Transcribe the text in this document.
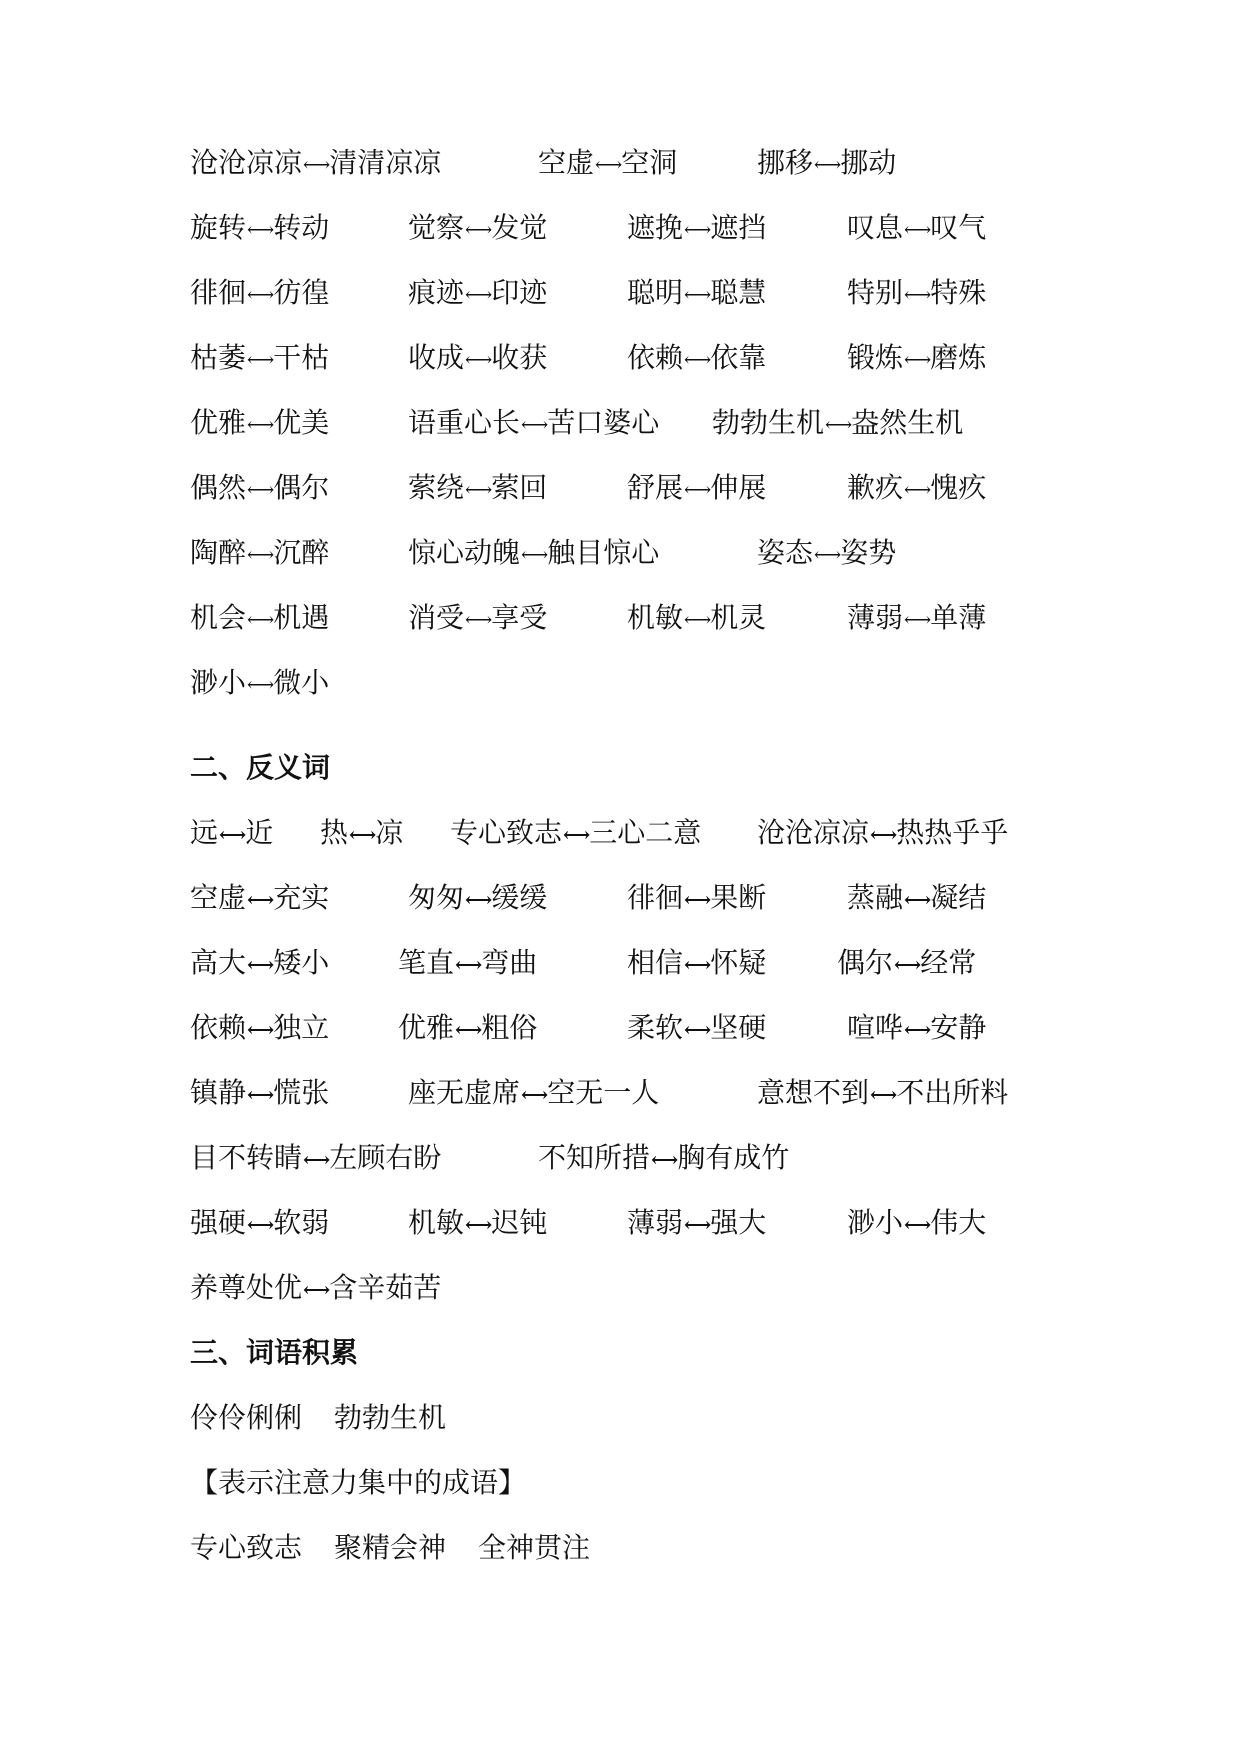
沧沧凉凉⟷清清凉凉	空虚⟷空洞	挪移⟷挪动
旋转⟷转动	觉察⟷发觉	遮挽⟷遮挡	叹息⟷叹气
徘徊⟷彷徨	痕迹⟷印迹	聪明⟷聪慧	特别⟷特殊
枯萎⟷干枯	收成⟷收获	依赖⟷依靠	锻炼⟷磨炼
优雅⟷优美	语重心长⟷苦口婆心 勃勃生机⟷盎然生机
偶然⟷偶尔	萦绕⟷萦回	舒展⟷伸展	歉疚⟷愧疚
陶醉⟷沉醉	惊心动魄⟷触目惊心	姿态⟷姿势
机会⟷机遇	消受⟷享受	机敏⟷机灵	薄弱⟷单薄
渺小⟷微小
二、反义词
远⟷近 热⟷凉 专心致志⟷三心二意 沧沧凉凉⟷热热乎乎
空虚⟷充实	匆匆⟷缓缓	徘徊⟷果断	蒸融⟷凝结
高大⟷矮小 笔直⟷弯曲	相信⟷怀疑	偶尔⟷经常
依赖⟷独立 优雅⟷粗俗	柔软⟷坚硬	喧哗⟷安静
镇静⟷慌张	座无虚席⟷空无一人	意想不到⟷不出所料
目不转睛⟷左顾右盼	不知所措⟷胸有成竹
强硬⟷软弱	机敏⟷迟钝	薄弱⟷强大	渺小⟷伟大
养尊处优⟷含辛茹苦
三、词语积累
伶伶俐俐 勃勃生机
【表示注意力集中的成语】
专心致志 聚精会神 全神贯注
